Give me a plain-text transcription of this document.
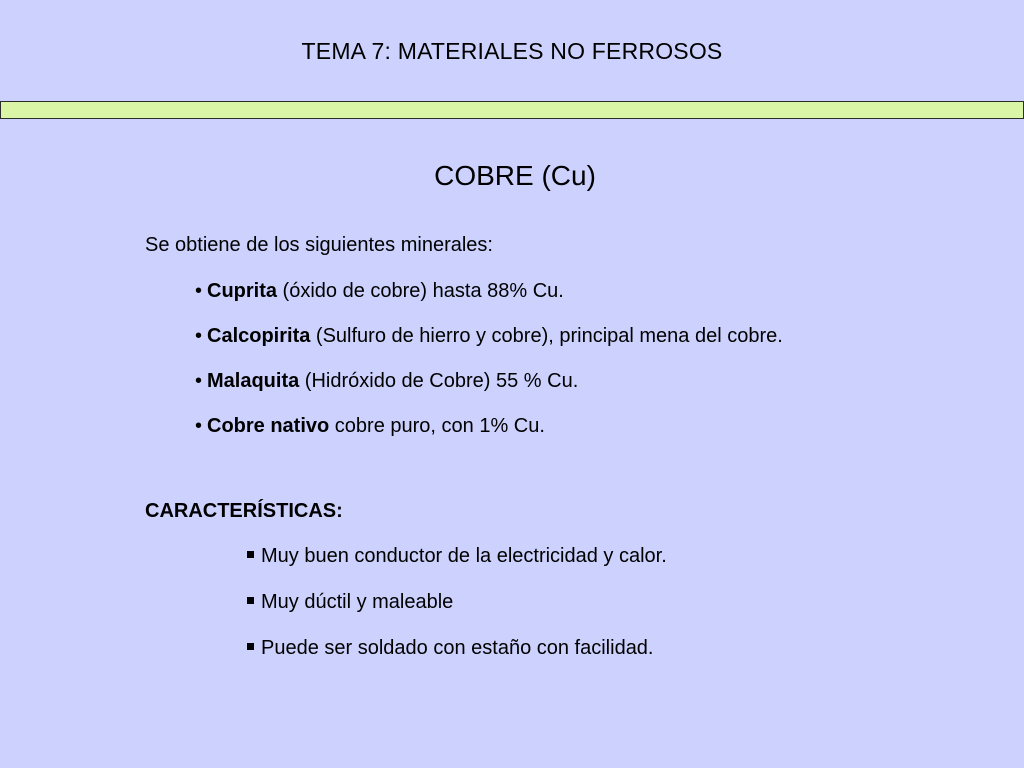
TEMA 7: MATERIALES NO FERROSOS
COBRE (Cu)

Se obtiene de los siguientes minerales:

• Cuprita (óxido de cobre) hasta 88% Cu.
• Calcopirita (Sulfuro de hierro y cobre), principal mena del cobre.
• Malaquita (Hidróxido de Cobre) 55 % Cu.
• Cobre nativo cobre puro, con 1% Cu.

CARACTERÍSTICAS:

Muy buen conductor de la electricidad y calor.
Muy dúctil y maleable
Puede ser soldado con estaño con facilidad.
